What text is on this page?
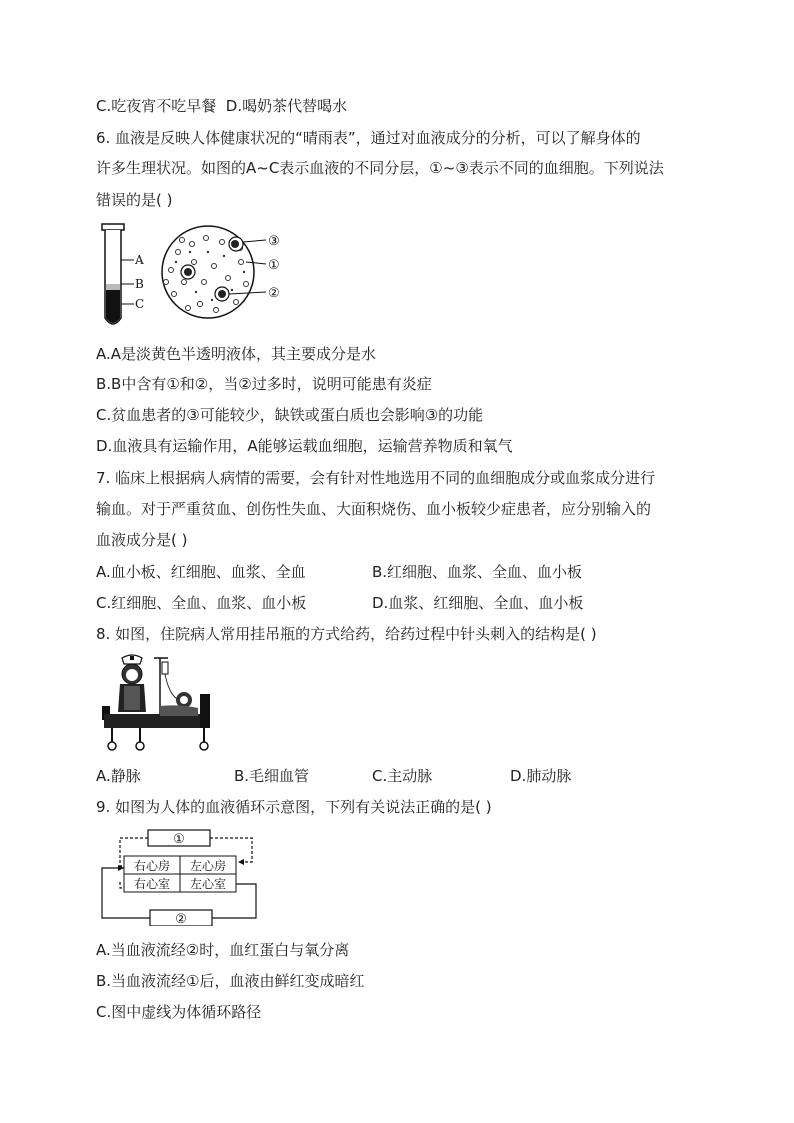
C.吃夜宵不吃早餐 D.喝奶茶代替喝水
6. 血液是反映人体健康状况的“晴雨表”，通过对血液成分的分析，可以了解身体的
许多生理状况。如图的A~C表示血液的不同分层，①~③表示不同的血细胞。下列说法
错误的是( )
A
B
C
③
①
②
A.A是淡黄色半透明液体，其主要成分是水
B.B中含有①和②，当②过多时，说明可能患有炎症
C.贫血患者的③可能较少，缺铁或蛋白质也会影响③的功能
D.血液具有运输作用，A能够运载血细胞，运输营养物质和氧气
7. 临床上根据病人病情的需要，会有针对性地选用不同的血细胞成分或血浆成分进行
输血。对于严重贫血、创伤性失血、大面积烧伤、血小板较少症患者，应分别输入的
血液成分是( )
A.血小板、红细胞、血浆、全血	B.红细胞、血浆、全血、血小板
C.红细胞、全血、血浆、血小板	D.血浆、红细胞、全血、血小板
8. 如图，住院病人常用挂吊瓶的方式给药，给药过程中针头刺入的结构是( )
A.静脉	B.毛细血管	C.主动脉	D.肺动脉
9. 如图为人体的血液循环示意图，下列有关说法正确的是( )
①
右心房 左心房
右心室 左心室
②
A.当血液流经②时，血红蛋白与氧分离
B.当血液流经①后，血液由鲜红变成暗红
C.图中虚线为体循环路径
